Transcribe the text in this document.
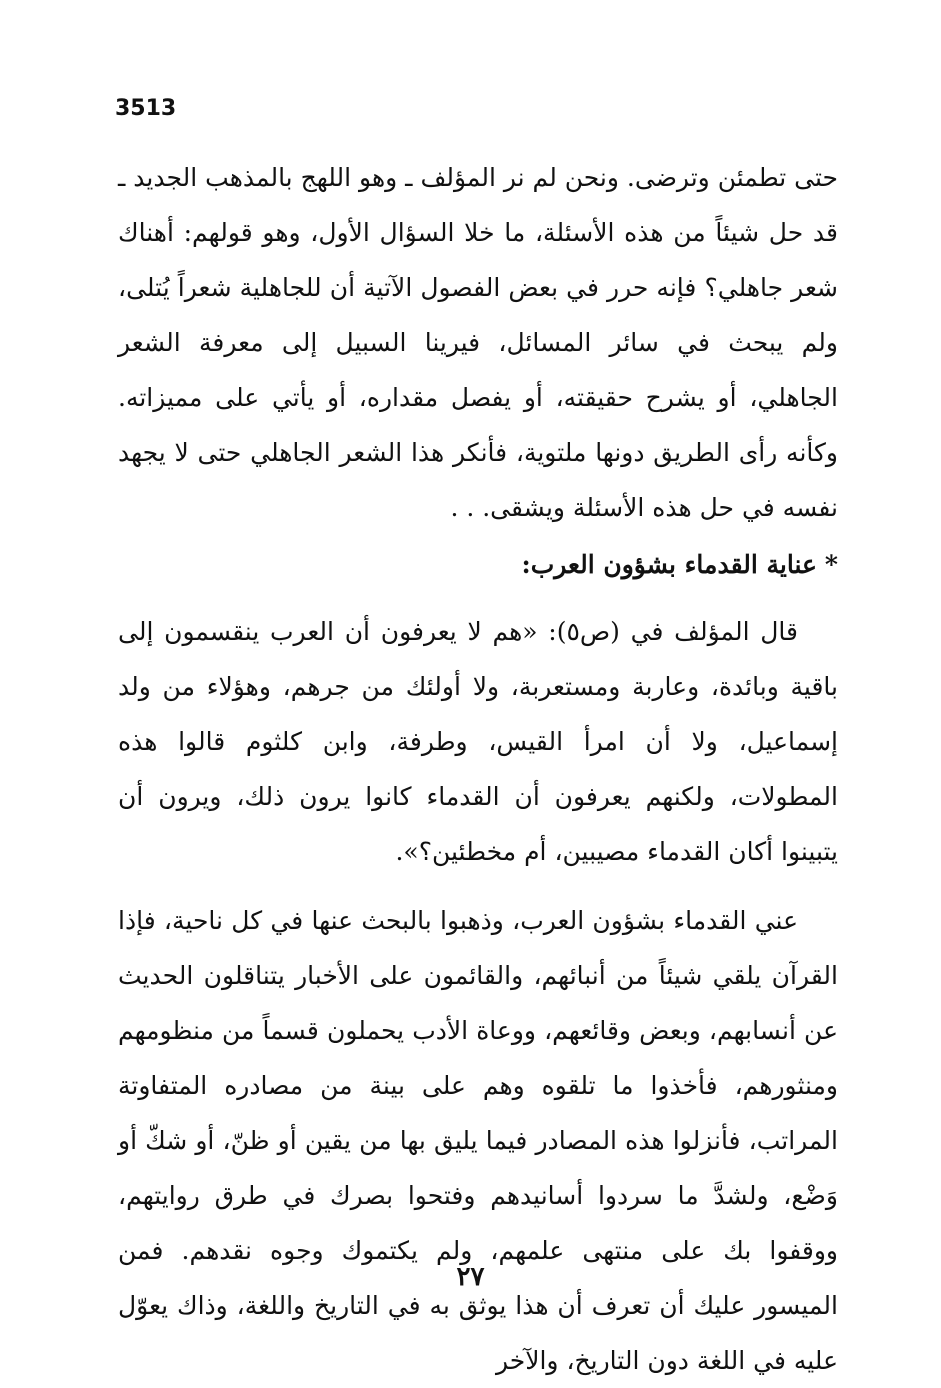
3513

حتى تطمئن وترضى. ونحن لم نر المؤلف ـ وهو اللهج بالمذهب الجديد ـ قد حل شيئاً من هذه الأسئلة، ما خلا السؤال الأول، وهو قولهم: أهناك شعر جاهلي؟ فإنه حرر في بعض الفصول الآتية أن للجاهلية شعراً يُتلى، ولم يبحث في سائر المسائل، فيرينا السبيل إلى معرفة الشعر الجاهلي، أو يشرح حقيقته، أو يفصل مقداره، أو يأتي على مميزاته. وكأنه رأى الطريق دونها ملتوية، فأنكر هذا الشعر الجاهلي حتى لا يجهد نفسه في حل هذه الأسئلة ويشقى. . .

*عناية القدماء بشؤون العرب:

قال المؤلف في (ص٥): «هم لا يعرفون أن العرب ينقسمون إلى باقية وبائدة، وعاربة ومستعربة، ولا أولئك من جرهم، وهؤلاء من ولد إسماعيل، ولا أن امرأ القيس، وطرفة، وابن كلثوم قالوا هذه المطولات، ولكنهم يعرفون أن القدماء كانوا يرون ذلك، ويرون أن يتبينوا أكان القدماء مصيبين، أم مخطئين؟».

عني القدماء بشؤون العرب، وذهبوا بالبحث عنها في كل ناحية، فإذا القرآن يلقي شيئاً من أنبائهم، والقائمون على الأخبار يتناقلون الحديث عن أنسابهم، وبعض وقائعهم، ووعاة الأدب يحملون قسماً من منظومهم ومنثورهم، فأخذوا ما تلقوه وهم على بينة من مصادره المتفاوتة المراتب، فأنزلوا هذه المصادر فيما يليق بها من يقين أو ظنّ، أو شكّ أو وَضْع، ولشدَّ ما سردوا أسانيدهم وفتحوا بصرك في طرق روايتهم، ووقفوا بك على منتهى علمهم، ولم يكتموك وجوه نقدهم. فمن الميسور عليك أن تعرف أن هذا يوثق به في التاريخ واللغة، وذاك يعوّل عليه في اللغة دون التاريخ، والآخر

٢٧
